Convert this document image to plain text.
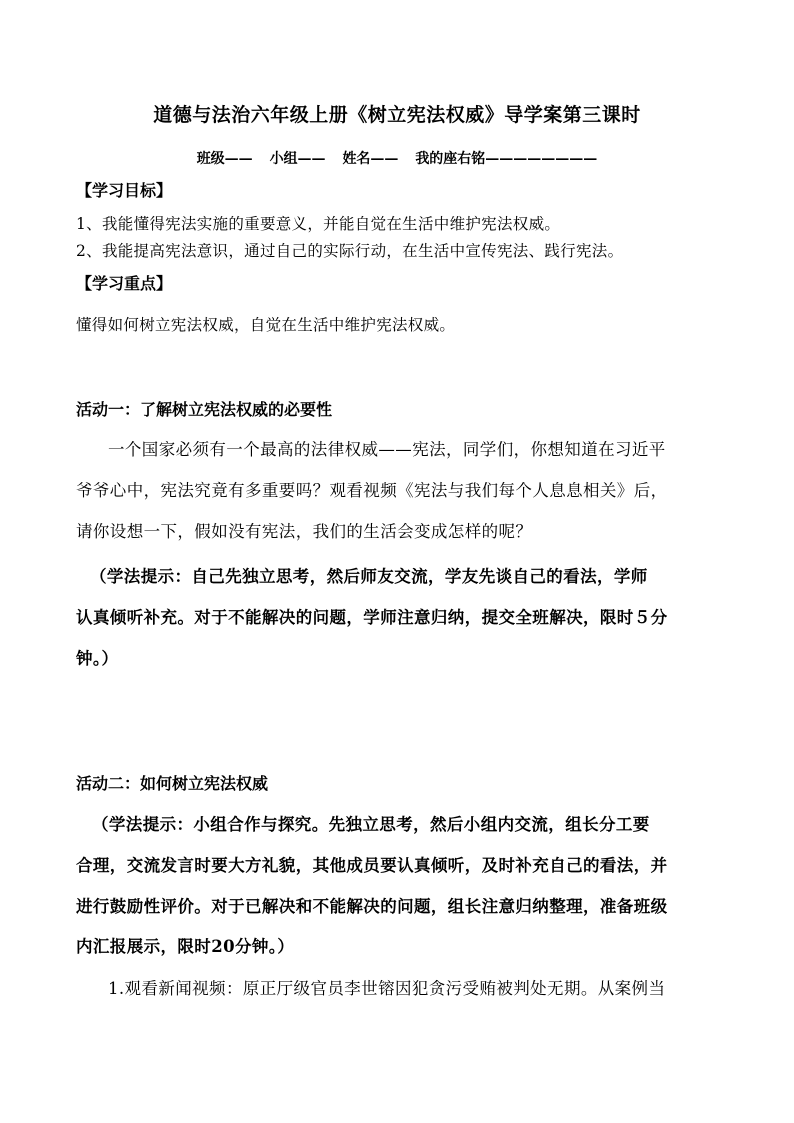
道德与法治六年级上册《树立宪法权威》导学案第三课时
班级—— 小组—— 姓名—— 我的座右铭————————
【学习目标】
1、我能懂得宪法实施的重要意义，并能自觉在生活中维护宪法权威。
2、我能提高宪法意识，通过自己的实际行动，在生活中宣传宪法、践行宪法。
【学习重点】
懂得如何树立宪法权威，自觉在生活中维护宪法权威。
活动一：了解树立宪法权威的必要性
一个国家必须有一个最高的法律权威——宪法，同学们，你想知道在习近平
爷爷心中，宪法究竟有多重要吗？观看视频《宪法与我们每个人息息相关》后，
请你设想一下，假如没有宪法，我们的生活会变成怎样的呢？
（学法提示：自己先独立思考，然后师友交流，学友先谈自己的看法，学师
认真倾听补充。对于不能解决的问题，学师注意归纳，提交全班解决，限时５分
钟。）
活动二：如何树立宪法权威
（学法提示：小组合作与探究。先独立思考，然后小组内交流，组长分工要
合理，交流发言时要大方礼貌，其他成员要认真倾听，及时补充自己的看法，并
进行鼓励性评价。对于已解决和不能解决的问题，组长注意归纳整理，准备班级
内汇报展示，限时20分钟。）
1.观看新闻视频：原正厅级官员李世镕因犯贪污受贿被判处无期。从案例当
